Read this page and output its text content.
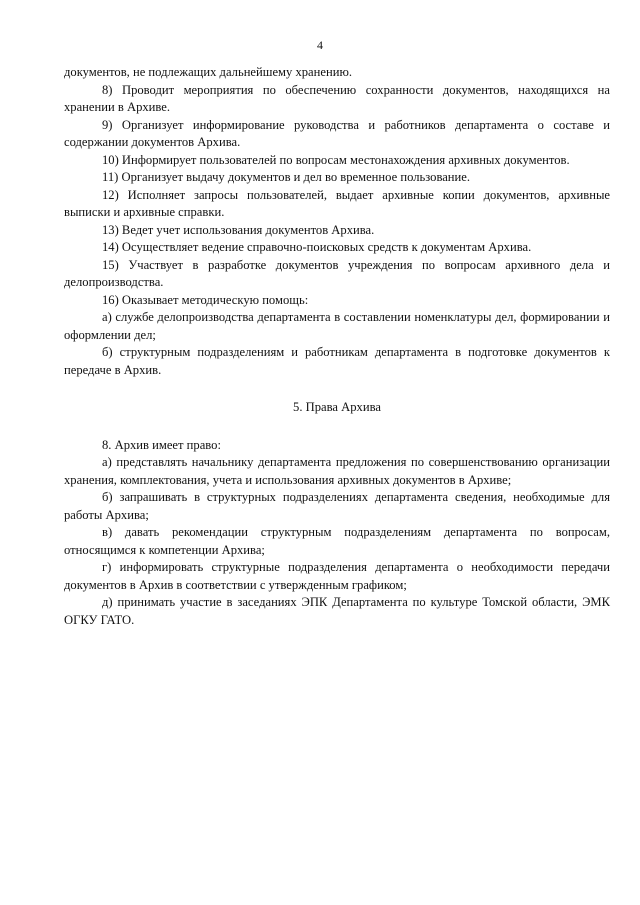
4

документов, не подлежащих дальнейшему хранению.

8) Проводит мероприятия по обеспечению сохранности документов, находящихся на хранении в Архиве.

9) Организует информирование руководства и работников департамента о составе и содержании документов Архива.

10) Информирует пользователей по вопросам местонахождения архивных документов.

11) Организует выдачу документов и дел во временное пользование.

12) Исполняет запросы пользователей, выдает архивные копии документов, архивные выписки и архивные справки.

13) Ведет учет использования документов Архива.

14) Осуществляет ведение справочно-поисковых средств к документам Архива.

15) Участвует в разработке документов учреждения по вопросам архивного дела и делопроизводства.

16) Оказывает методическую помощь:

а) службе делопроизводства департамента в составлении номенклатуры дел, формировании и оформлении дел;

б) структурным подразделениям и работникам департамента в подготовке документов к передаче в Архив.

5. Права Архива

8. Архив имеет право:

а) представлять начальнику департамента предложения по совершенствованию организации хранения, комплектования, учета и использования архивных документов в Архиве;

б) запрашивать в структурных подразделениях департамента сведения, необходимые для работы Архива;

в) давать рекомендации структурным подразделениям департамента по вопросам, относящимся к компетенции Архива;

г) информировать структурные подразделения департамента о необходимости передачи документов в Архив в соответствии с утвержденным графиком;

д) принимать участие в заседаниях ЭПК Департамента по культуре Томской области, ЭМК ОГКУ ГАТО.
